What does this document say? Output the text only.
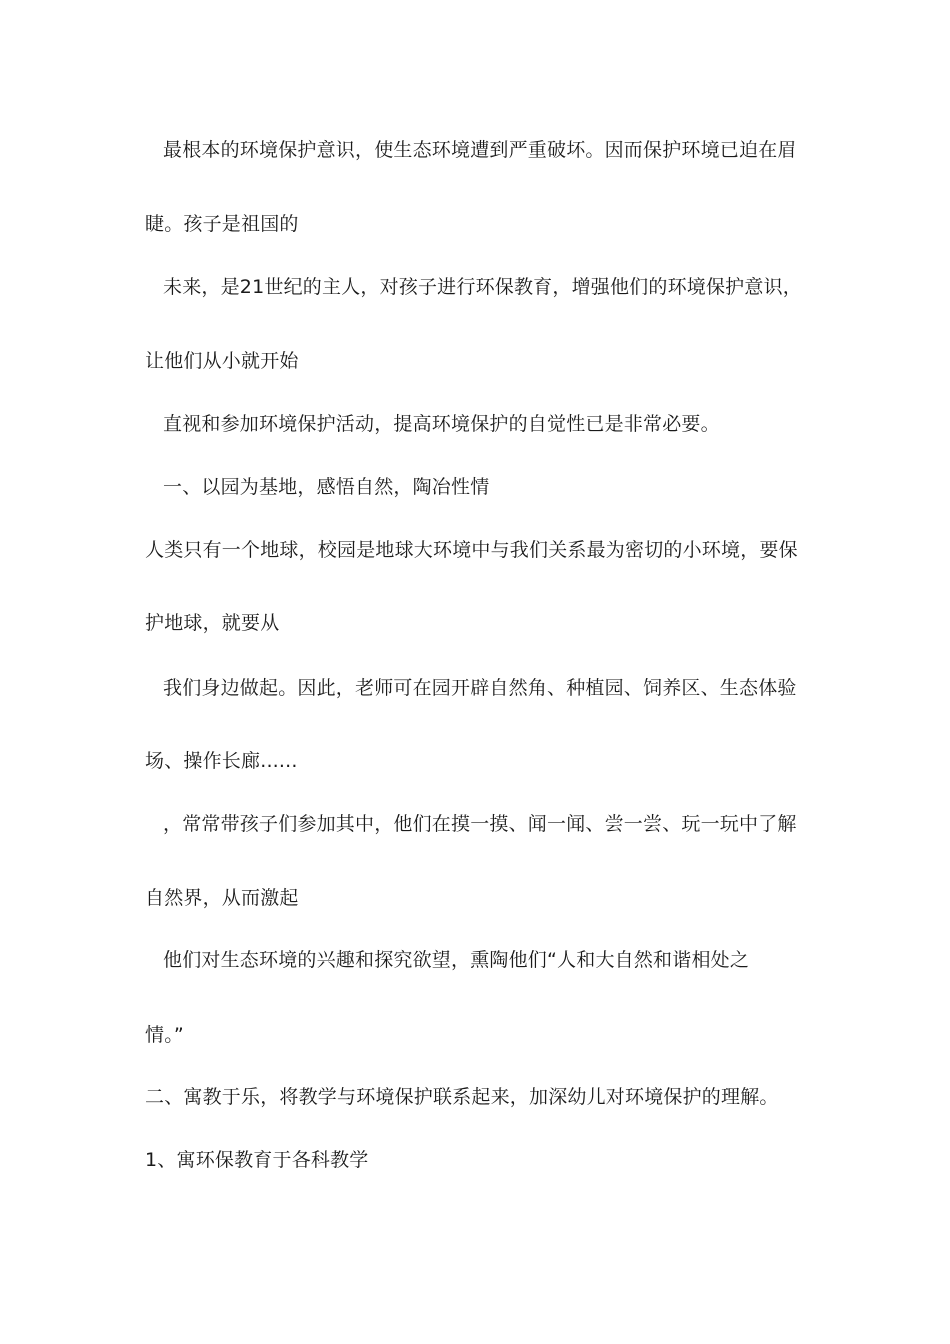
最根本的环境保护意识，使生态环境遭到严重破坏。因而保护环境已迫在眉
睫。孩子是祖国的
未来，是21世纪的主人，对孩子进行环保教育，增强他们的环境保护意识，
让他们从小就开始
直视和参加环境保护活动，提高环境保护的自觉性已是非常必要。
一、以园为基地，感悟自然，陶冶性情
人类只有一个地球，校园是地球大环境中与我们关系最为密切的小环境，要保
护地球，就要从
我们身边做起。因此，老师可在园开辟自然角、种植园、饲养区、生态体验
场、操作长廊......
，常常带孩子们参加其中，他们在摸一摸、闻一闻、尝一尝、玩一玩中了解
自然界，从而激起
他们对生态环境的兴趣和探究欲望，熏陶他们“人和大自然和谐相处之
情。”
二、寓教于乐，将教学与环境保护联系起来，加深幼儿对环境保护的理解。
1、寓环保教育于各科教学
